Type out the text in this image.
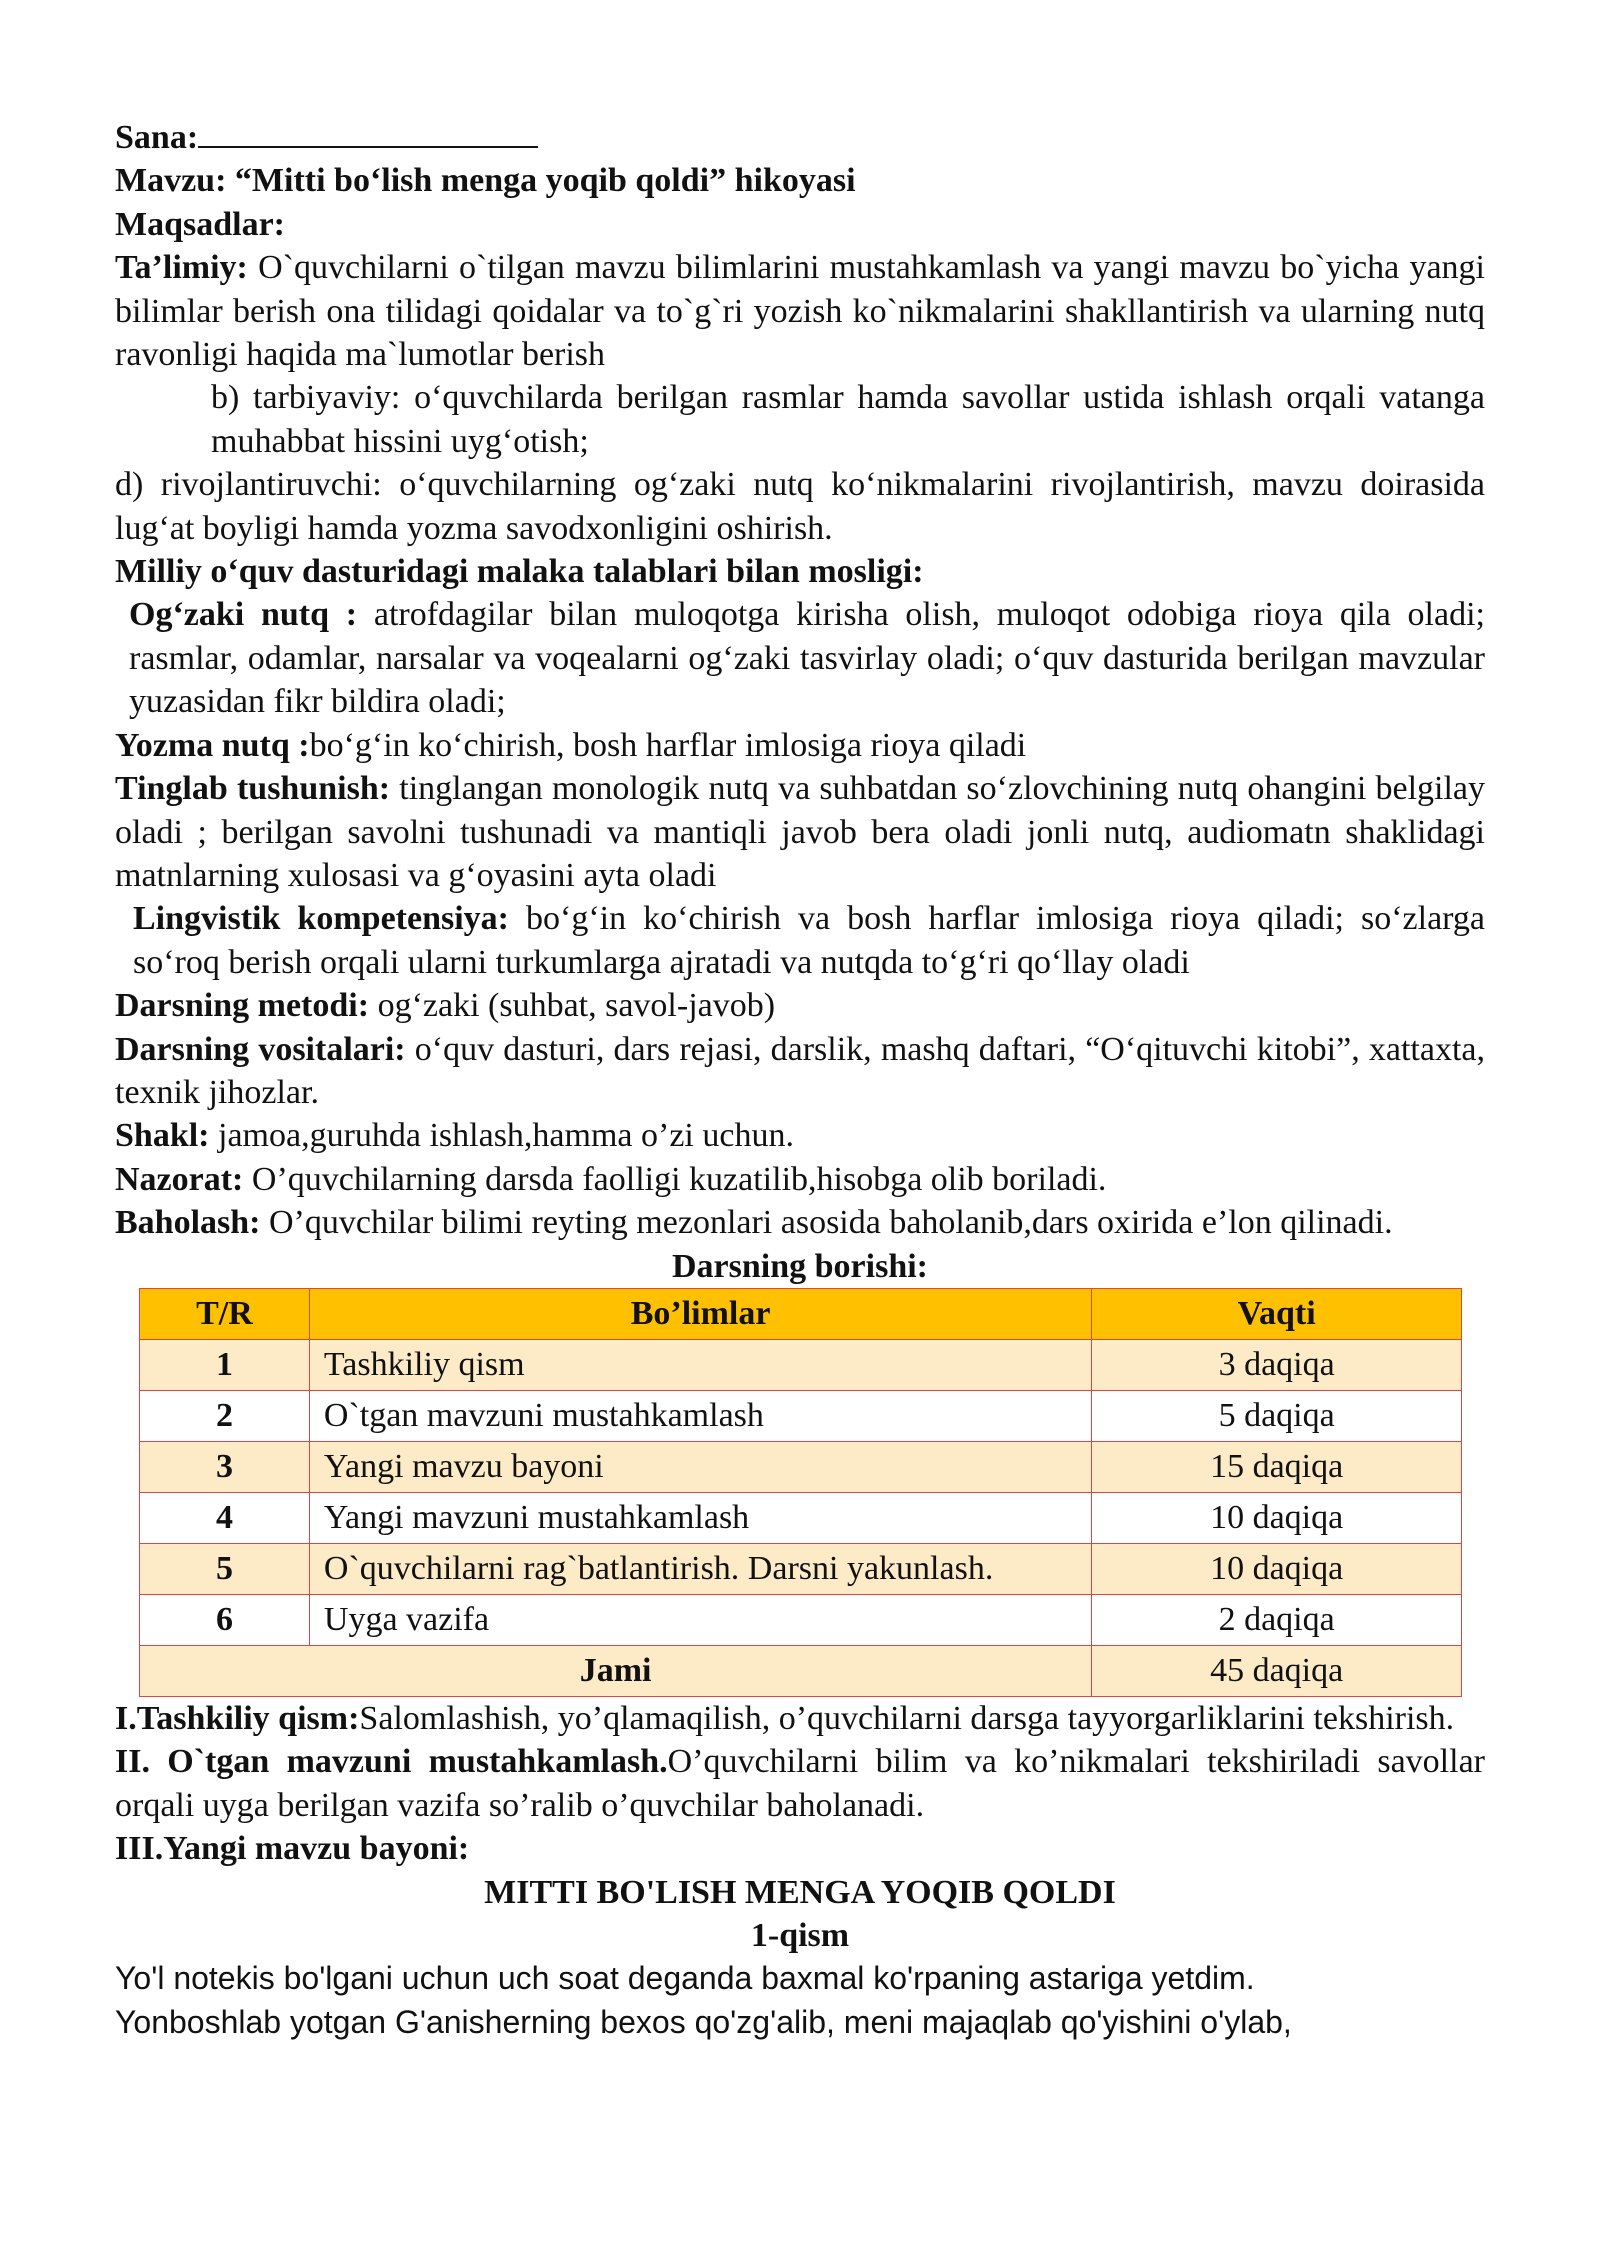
Sana:

Mavzu: “Mitti bo‘lish menga yoqib qoldi” hikoyasi

Maqsadlar:

Ta’limiy: O`quvchilarni o`tilgan mavzu bilimlarini mustahkamlash va yangi mavzu bo`yicha yangi bilimlar berish ona tilidagi qoidalar va to`g`ri yozish ko`nikmalarini shakllantirish va ularning nutq ravonligi haqida ma`lumotlar berish

b) tarbiyaviy: o‘quvchilarda berilgan rasmlar hamda savollar ustida ishlash orqali vatanga muhabbat hissini uyg‘otish;

d) rivojlantiruvchi: o‘quvchilarning og‘zaki nutq ko‘nikmalarini rivojlantirish, mavzu doirasida lug‘at boyligi hamda yozma savodxonligini oshirish.

Milliy o‘quv dasturidagi malaka talablari bilan mosligi:

Og‘zaki nutq : atrofdagilar bilan muloqotga kirisha olish, muloqot odobiga rioya qila oladi; rasmlar, odamlar, narsalar va voqealarni og‘zaki tasvirlay oladi; o‘quv dasturida berilgan mavzular yuzasidan fikr bildira oladi;

Yozma nutq :bo‘g‘in ko‘chirish, bosh harflar imlosiga rioya qiladi

Tinglab tushunish: tinglangan monologik nutq va suhbatdan so‘zlovchining nutq ohangini belgilay oladi ; berilgan savolni tushunadi va mantiqli javob bera oladi jonli nutq, audiomatn shaklidagi matnlarning xulosasi va g‘oyasini ayta oladi

Lingvistik kompetensiya: bo‘g‘in ko‘chirish va bosh harflar imlosiga rioya qiladi; so‘zlarga so‘roq berish orqali ularni turkumlarga ajratadi va nutqda to‘g‘ri qo‘llay oladi

Darsning metodi: og‘zaki (suhbat, savol-javob)

Darsning vositalari: o‘quv dasturi, dars rejasi, darslik, mashq daftari, “O‘qituvchi kitobi”, xattaxta, texnik jihozlar.

Shakl: jamoa,guruhda ishlash,hamma o’zi uchun.

Nazorat: O’quvchilarning darsda faolligi kuzatilib,hisobga olib boriladi.

Baholash: O’quvchilar bilimi reyting mezonlari asosida baholanib,dars oxirida e’lon qilinadi.

Darsning borishi:

T/R	Bo’limlar	Vaqti
1	Tashkiliy qism	3 daqiqa
2	O`tgan mavzuni mustahkamlash	5 daqiqa
3	Yangi mavzu bayoni	15 daqiqa
4	Yangi mavzuni mustahkamlash	10 daqiqa
5	O`quvchilarni rag`batlantirish. Darsni yakunlash.	10 daqiqa
6	Uyga vazifa	2 daqiqa
Jami		45 daqiqa

I.Tashkiliy qism:Salomlashish, yo’qlamaqilish, o’quvchilarni darsga tayyorgarliklarini tekshirish.

II. O`tgan mavzuni mustahkamlash.O’quvchilarni bilim va ko’nikmalari tekshiriladi savollar orqali uyga berilgan vazifa so’ralib o’quvchilar baholanadi.

III.Yangi mavzu bayoni:

MITTI BO'LISH MENGA YOQIB QOLDI

1-qism

Yo'l notekis bo'lgani uchun uch soat deganda baxmal ko'rpaning astariga yetdim.

Yonboshlab yotgan G'anisherning bexos qo'zg'alib, meni majaqlab qo'yishini o'ylab,
